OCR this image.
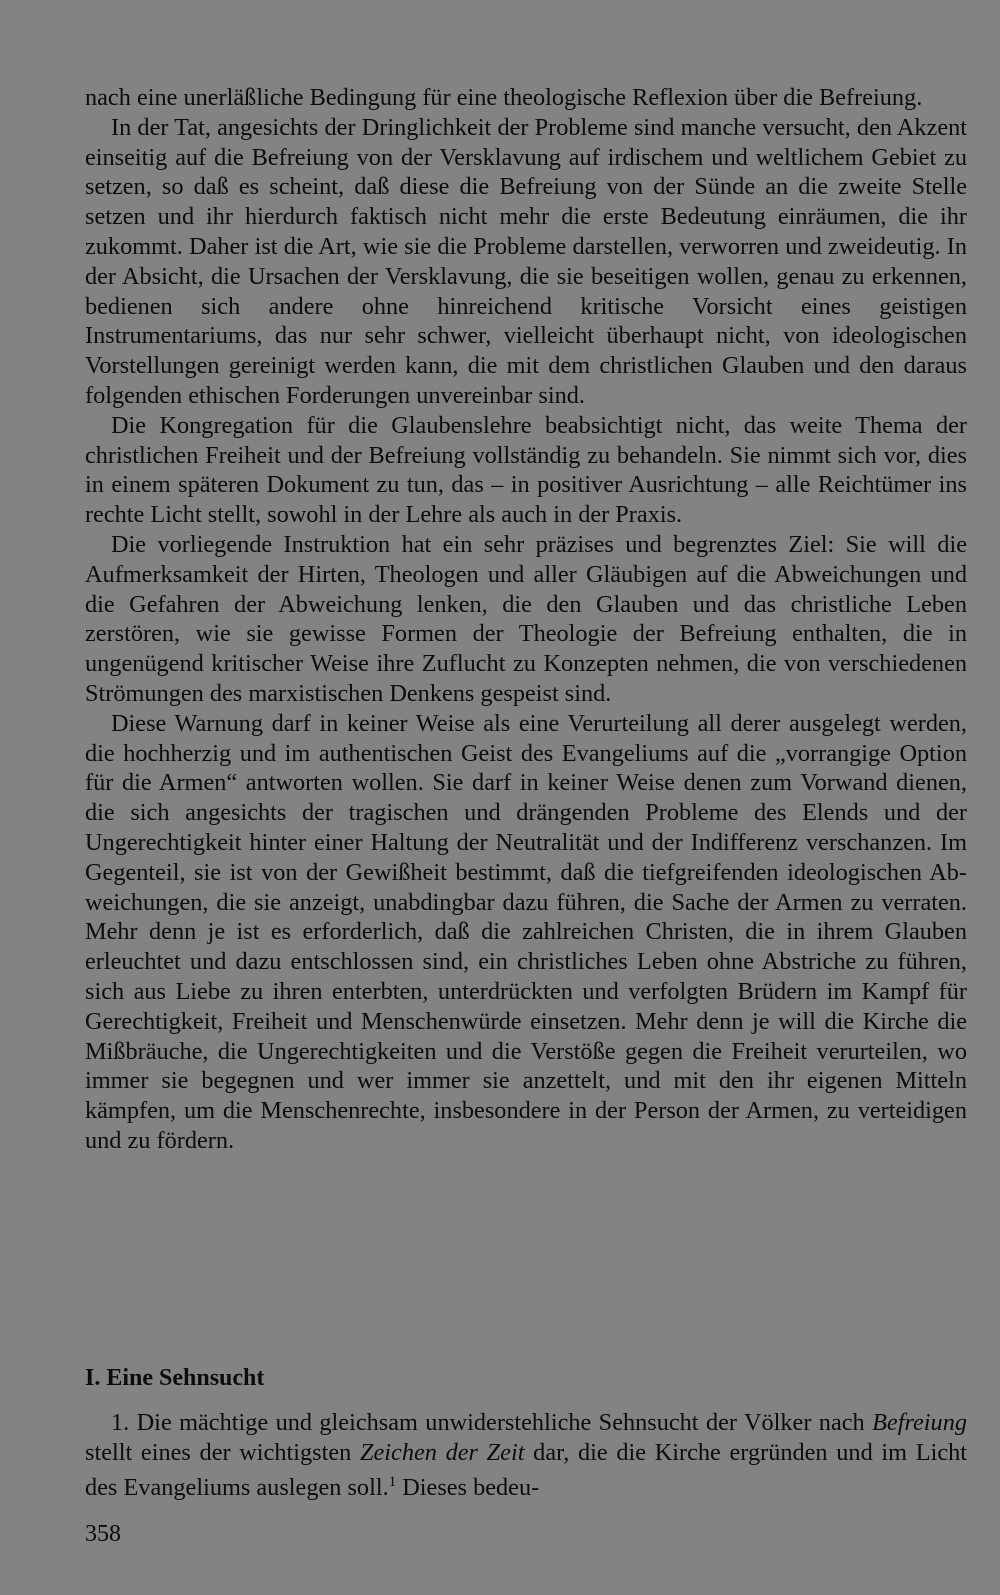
nach eine unerläßliche Bedingung für eine theologische Reflexion über die Befreiung.

In der Tat, angesichts der Dringlichkeit der Probleme sind manche versucht, den Akzent einseitig auf die Befreiung von der Versklavung auf irdischem und weltlichem Gebiet zu setzen, so daß es scheint, daß diese die Befreiung von der Sünde an die zweite Stelle setzen und ihr hierdurch faktisch nicht mehr die erste Bedeutung einräumen, die ihr zukommt. Daher ist die Art, wie sie die Probleme darstellen, verworren und zweideutig. In der Absicht, die Ursachen der Versklavung, die sie beseitigen wollen, genau zu erkennen, bedienen sich andere ohne hinreichend kritische Vorsicht eines geistigen Instrumentariums, das nur sehr schwer, vielleicht überhaupt nicht, von ideologischen Vorstellungen gereinigt werden kann, die mit dem christlichen Glauben und den daraus folgenden ethischen Forderungen unvereinbar sind.

Die Kongregation für die Glaubenslehre beabsichtigt nicht, das weite Thema der christlichen Freiheit und der Befreiung vollständig zu behandeln. Sie nimmt sich vor, dies in einem späteren Dokument zu tun, das – in positiver Ausrichtung – alle Reichtümer ins rechte Licht stellt, sowohl in der Lehre als auch in der Praxis.

Die vorliegende Instruktion hat ein sehr präzises und begrenztes Ziel: Sie will die Aufmerksamkeit der Hirten, Theologen und aller Gläubigen auf die Abweichungen und die Gefahren der Abweichung lenken, die den Glauben und das christliche Leben zerstören, wie sie gewisse Formen der Theologie der Befreiung enthalten, die in ungenügend kritischer Weise ihre Zuflucht zu Konzepten nehmen, die von verschiedenen Strömungen des marxistischen Denkens gespeist sind.

Diese Warnung darf in keiner Weise als eine Verurteilung all derer ausgelegt werden, die hochherzig und im authentischen Geist des Evangeliums auf die „vorrangige Option für die Armen“ antworten wollen. Sie darf in keiner Weise denen zum Vorwand dienen, die sich angesichts der tragischen und drängenden Probleme des Elends und der Ungerechtigkeit hinter einer Haltung der Neutralität und der Indifferenz verschanzen. Im Gegenteil, sie ist von der Gewißheit bestimmt, daß die tiefgreifenden ideologischen Abweichungen, die sie anzeigt, unabdingbar dazu führen, die Sache der Armen zu verraten. Mehr denn je ist es erforderlich, daß die zahlreichen Christen, die in ihrem Glauben erleuchtet und dazu entschlossen sind, ein christliches Leben ohne Abstriche zu führen, sich aus Liebe zu ihren enterbten, unterdrückten und verfolgten Brüdern im Kampf für Gerechtigkeit, Freiheit und Menschenwürde einsetzen. Mehr denn je will die Kirche die Mißbräuche, die Ungerechtigkeiten und die Verstöße gegen die Freiheit verurteilen, wo immer sie begegnen und wer immer sie anzettelt, und mit den ihr eigenen Mitteln kämpfen, um die Menschenrechte, insbesondere in der Person der Armen, zu verteidigen und zu fördern.

I. Eine Sehnsucht

1. Die mächtige und gleichsam unwiderstehliche Sehnsucht der Völker nach Befreiung stellt eines der wichtigsten Zeichen der Zeit dar, die die Kirche ergründen und im Licht des Evangeliums auslegen soll.$^1$ Dieses bedeu-

358
